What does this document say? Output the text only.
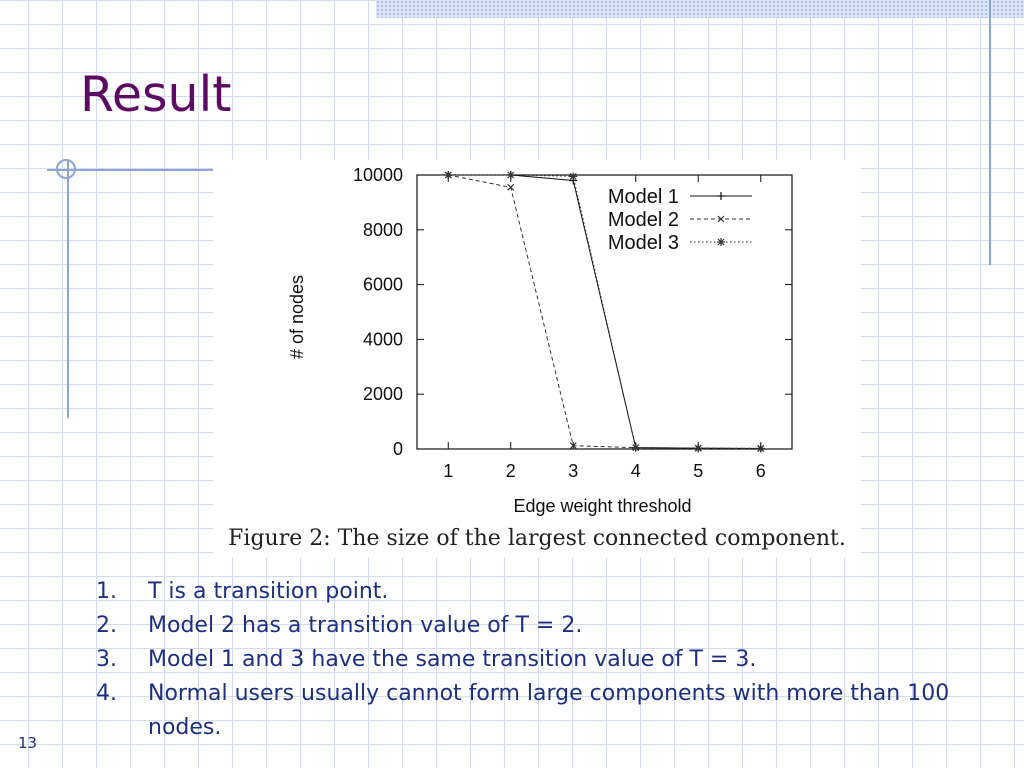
Result
0
2000
4000
6000
8000
10000
1	2	3	4	5	6
Edge weight threshold
# of nodes
Model 1
Model 2
Model 3
Figure 2: The size of the largest connected component.
1. T is a transition point.
2. Model 2 has a transition value of T = 2.
3. Model 1 and 3 have the same transition value of T = 3.
4. Normal users usually cannot form large components with more than 100 nodes.
13
